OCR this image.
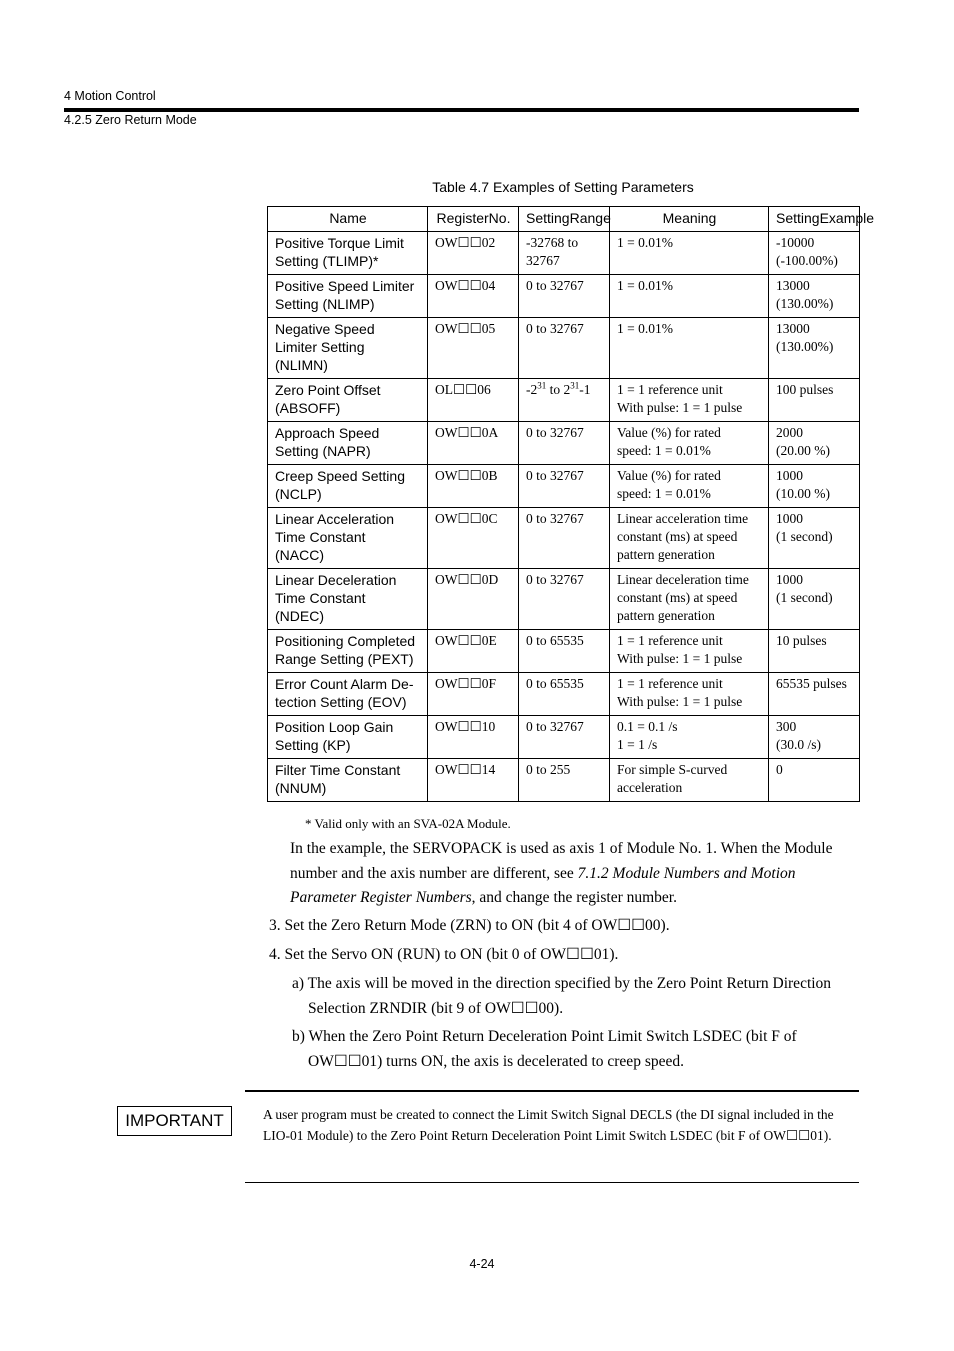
4 Motion Control
4.2.5 Zero Return Mode
Table 4.7 Examples of Setting Parameters
Name	RegisterNo.	SettingRange	Meaning	SettingExample

Positive Torque Limit
Setting (TLIMP)*	OW☐☐02	-32768 to
32767	1 = 0.01%	-10000
(-100.00%)

Positive Speed Limiter
Setting (NLIMP)	OW☐☐04	0 to 32767	1 = 0.01%	13000
(130.00%)

Negative Speed
Limiter Setting
(NLIMN)	OW☐☐05	0 to 32767	1 = 0.01%	13000
(130.00%)

Zero Point Offset
(ABSOFF)	OL☐☐06	$-2^{31}$ to $2^{31}-1$	1 = 1 reference unit
With pulse: 1 = 1 pulse	100 pulses

Approach Speed
Setting (NAPR)	OW☐☐0A	0 to 32767	Value (%) for rated
speed: 1 = 0.01%	2000
(20.00 %)

Creep Speed Setting
(NCLP)	OW☐☐0B	0 to 32767	Value (%) for rated
speed: 1 = 0.01%	1000
(10.00 %)

Linear Acceleration
Time Constant
(NACC)	OW☐☐0C	0 to 32767	Linear acceleration time
constant (ms) at speed
pattern generation	1000
(1 second)

Linear Deceleration
Time Constant
(NDEC)	OW☐☐0D	0 to 32767	Linear deceleration time
constant (ms) at speed
pattern generation	1000
(1 second)

Positioning Completed
Range Setting (PEXT)	OW☐☐0E	0 to 65535	1 = 1 reference unit
With pulse: 1 = 1 pulse	10 pulses

Error Count Alarm De-
tection Setting (EOV)	OW☐☐0F	0 to 65535	1 = 1 reference unit
With pulse: 1 = 1 pulse	65535 pulses

Position Loop Gain
Setting (KP)	OW☐☐10	0 to 32767	0.1 = 0.1 /s
1 = 1 /s	300
(30.0 /s)

Filter Time Constant
(NNUM)	OW☐☐14	0 to 255	For simple S-curved
acceleration	0
* Valid only with an SVA-02A Module.
In the example, the SERVOPACK is used as axis 1 of Module No. 1. When the Module number and the axis number are different, see 7.1.2 Module Numbers and Motion Parameter Register Numbers, and change the register number.
3. Set the Zero Return Mode (ZRN) to ON (bit 4 of OW☐☐00).
4. Set the Servo ON (RUN) to ON (bit 0 of OW☐☐01).
a) The axis will be moved in the direction specified by the Zero Point Return Direction
Selection ZRNDIR (bit 9 of OW☐☐00).
b) When the Zero Point Return Deceleration Point Limit Switch LSDEC (bit F of
OW☐☐01) turns ON, the axis is decelerated to creep speed.
IMPORTANT	A user program must be created to connect the Limit Switch Signal DECLS (the DI signal included in the LIO-01 Module) to the Zero Point Return Deceleration Point Limit Switch LSDEC (bit F of OW☐☐01).
4-24
